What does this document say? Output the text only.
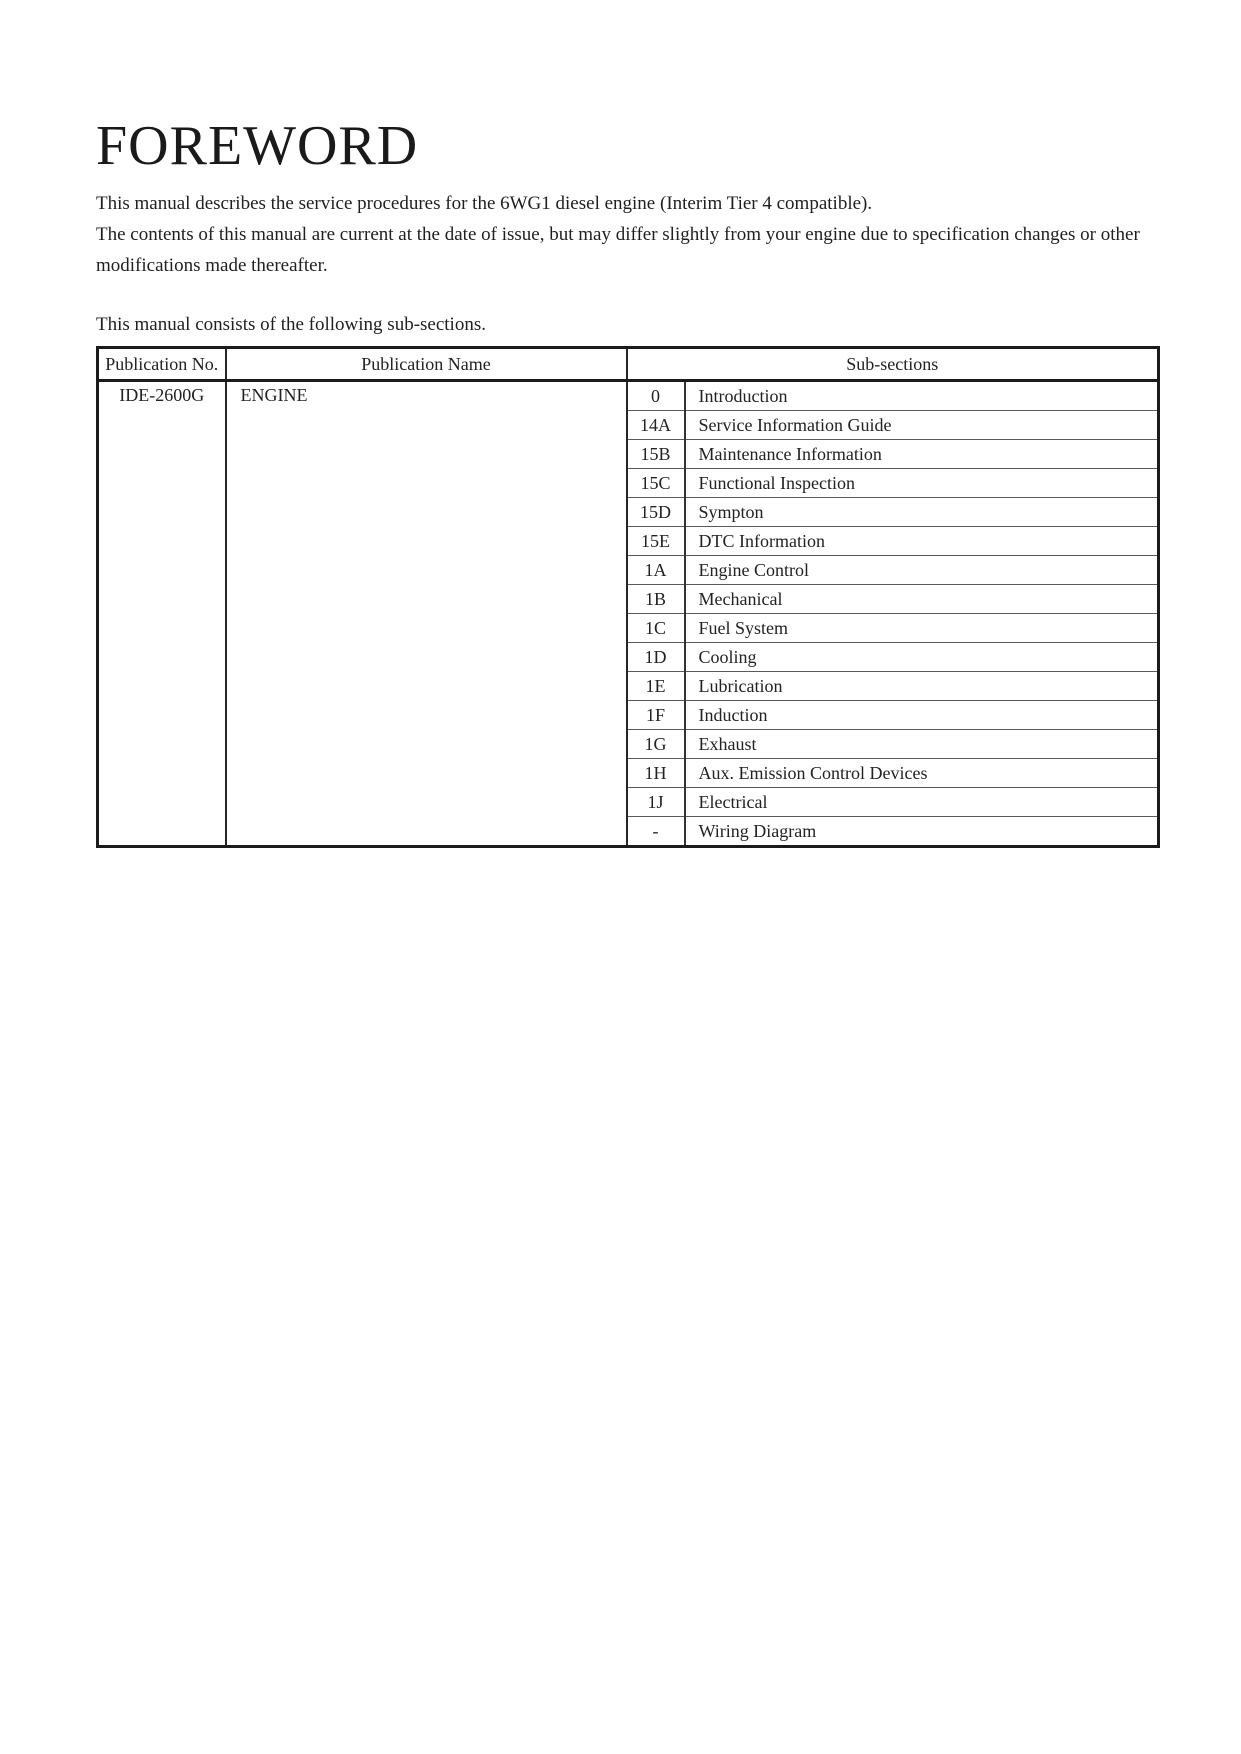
FOREWORD

This manual describes the service procedures for the 6WG1 diesel engine (Interim Tier 4 compatible).

The contents of this manual are current at the date of issue, but may differ slightly from your engine due to specification changes or other modifications made thereafter.

This manual consists of the following sub-sections.

Publication No.	Publication Name	Sub-sections	
IDE-2600G	ENGINE	0	Introduction
		14A	Service Information Guide
		15B	Maintenance Information
		15C	Functional Inspection
		15D	Sympton
		15E	DTC Information
		1A	Engine Control
		1B	Mechanical
		1C	Fuel System
		1D	Cooling
		1E	Lubrication
		1F	Induction
		1G	Exhaust
		1H	Aux. Emission Control Devices
		1J	Electrical
		-	Wiring Diagram
